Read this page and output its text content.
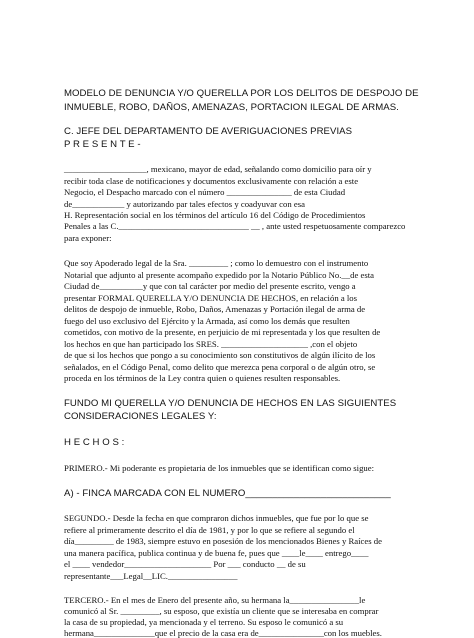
MODELO DE DENUNCIA Y/O QUERELLA POR LOS DELITOS DE DESPOJO DE

INMUEBLE, ROBO, DAÑOS, AMENAZAS, PORTACION ILEGAL DE ARMAS.

C. JEFE DEL DEPARTAMENTO DE AVERIGUACIONES PREVIAS

P R E S E N T E -

___________________, mexicano, mayor de edad, señalando como domicilio para oír y

recibir toda clase de notificaciones y documentos exclusivamente con relación a este

Negocio, el Despacho marcado con el número _______________ de esta Ciudad

de____________ y autorizando par tales efectos y coadyuvar con esa

H. Representación social en los términos del artículo 16 del Código de Procedimientos

Penales a las C.______________________________ __ , ante usted respetuosamente comparezco

para exponer:

Que soy Apoderado legal de la Sra. _________ ; como lo demuestro con el instrumento

Notarial que adjunto al presente acompaño expedido por la Notario Público No.__de esta

Ciudad de__________y que con tal carácter por medio del presente escrito, vengo a

presentar FORMAL QUERELLA Y/O DENUNCIA DE HECHOS, en relación a los

delitos de despojo de inmueble, Robo, Daños, Amenazas y Portación ilegal de arma de

fuego del uso exclusivo del Ejército y la Armada, así como los demás que resulten

cometidos, con motivo de la presente, en perjuicio de mi representada y los que resulten de

los hechos en que han participado los SRES. ____________________ ,con el objeto

de que si los hechos que pongo a su conocimiento son constitutivos de algún ilícito de los

señalados, en el Código Penal, como delito que merezca pena corporal o de algún otro, se

proceda en los términos de la Ley contra quien o quienes resulten responsables.

FUNDO MI QUERELLA Y/O DENUNCIA DE HECHOS EN LAS SIGUIENTES

CONSIDERACIONES LEGALES Y:

H E C H O S :

PRIMERO.- Mi poderante es propietaria de los inmuebles que se identifican como sigue:

A) - FINCA MARCADA CON EL NUMERO___________________________

SEGUNDO.- Desde la fecha en que compraron dichos inmuebles, que fue por lo que se

refiere al primeramente descrito el día de 1981, y por lo que se refiere al segundo el

día_________ de 1983, siempre estuvo en posesión de los mencionados Bienes y Raíces de

una manera pacífica, publica continua y de buena fe, pues que ____le____ entrego____

el ____ vendedor____________________ Por ___ conducto __ de su

representante___Legal__LIC.________________

TERCERO.- En el mes de Enero del presente año, su hermana la________________le

comunicó al Sr. _________, su esposo, que existía un cliente que se interesaba en comprar

la casa de su propiedad, ya mencionada y el terreno. Su esposo le comunicó a su

hermana______________que el precio de la casa era de_______________con los muebles.
